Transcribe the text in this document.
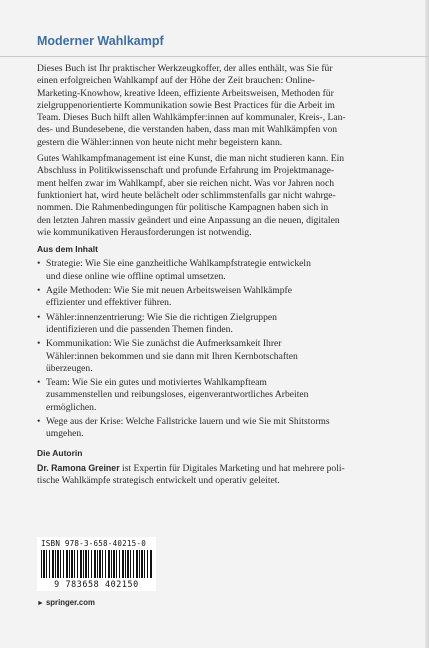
Moderner Wahlkampf

Dieses Buch ist Ihr praktischer Werkzeugkoffer, der alles enthält, was Sie für
einen erfolgreichen Wahlkampf auf der Höhe der Zeit brauchen: Online-
Marketing-Knowhow, kreative Ideen, effiziente Arbeitsweisen, Methoden für
zielgruppenorientierte Kommunikation sowie Best Practices für die Arbeit im
Team. Dieses Buch hilft allen Wahlkämpfer:innen auf kommunaler, Kreis-, Lan-
des- und Bundesebene, die verstanden haben, dass man mit Wahlkämpfen von
gestern die Wähler:innen von heute nicht mehr begeistern kann.

Gutes Wahlkampfmanagement ist eine Kunst, die man nicht studieren kann. Ein
Abschluss in Politikwissenschaft und profunde Erfahrung im Projektmanage-
ment helfen zwar im Wahlkampf, aber sie reichen nicht. Was vor Jahren noch
funktioniert hat, wird heute belächelt oder schlimmstenfalls gar nicht wahrge-
nommen. Die Rahmenbedingungen für politische Kampagnen haben sich in
den letzten Jahren massiv geändert und eine Anpassung an die neuen, digitalen
wie kommunikativen Herausforderungen ist notwendig.

Aus dem Inhalt
• Strategie: Wie Sie eine ganzheitliche Wahlkampfstrategie entwickeln
und diese online wie offline optimal umsetzen.
• Agile Methoden: Wie Sie mit neuen Arbeitsweisen Wahlkämpfe
effizienter und effektiver führen.
• Wähler:innenzentrierung: Wie Sie die richtigen Zielgruppen
identifizieren und die passenden Themen finden.
• Kommunikation: Wie Sie zunächst die Aufmerksamkeit Ihrer
Wähler:innen bekommen und sie dann mit Ihren Kernbotschaften
überzeugen.
• Team: Wie Sie ein gutes und motiviertes Wahlkampfteam
zusammenstellen und reibungsloses, eigenverantwortliches Arbeiten
ermöglichen.
• Wege aus der Krise: Welche Fallstricke lauern und wie Sie mit Shitstorms
umgehen.
Die Autorin

Dr. Ramona Greiner ist Expertin für Digitales Marketing und hat mehrere poli-
tische Wahlkämpfe strategisch entwickelt und operativ geleitet.

ISBN 978-3-658-40215-0
9 783658 402150
► springer.com
